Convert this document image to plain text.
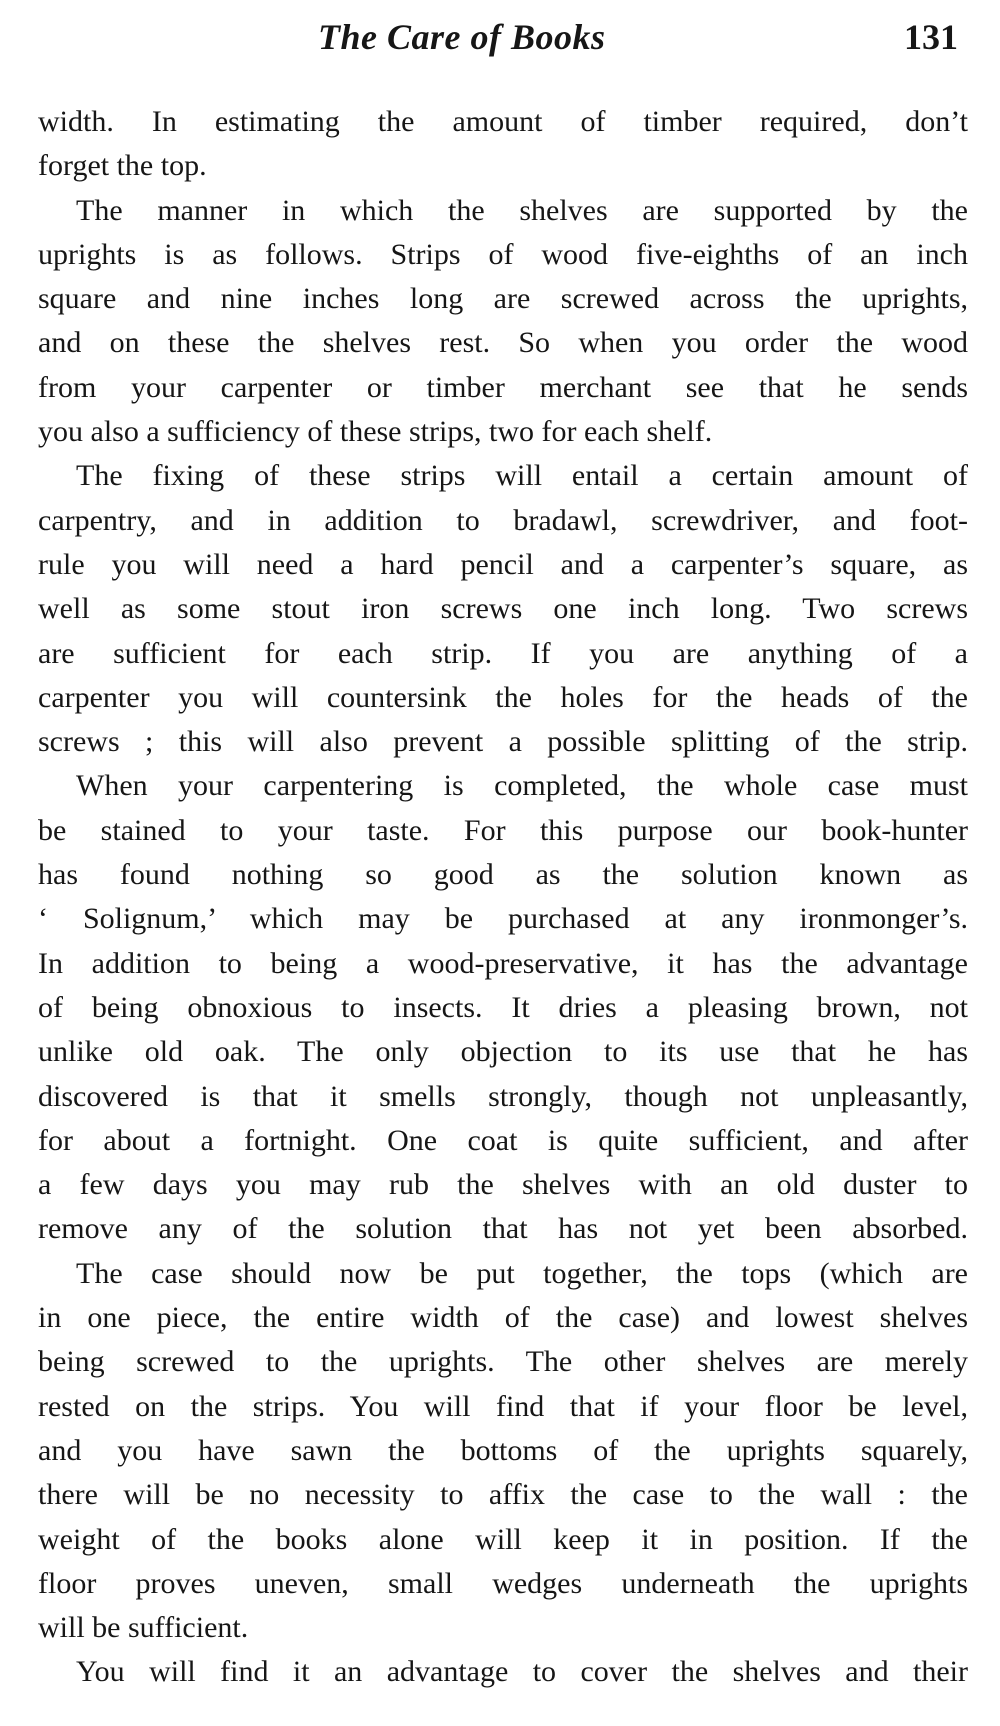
The Care of Books	131
width. In estimating the amount of timber required, don’t
forget the top.
The manner in which the shelves are supported by the
uprights is as follows. Strips of wood five-eighths of an inch
square and nine inches long are screwed across the uprights,
and on these the shelves rest. So when you order the wood
from your carpenter or timber merchant see that he sends
you also a sufficiency of these strips, two for each shelf.
The fixing of these strips will entail a certain amount of
carpentry, and in addition to bradawl, screwdriver, and foot-
rule you will need a hard pencil and a carpenter’s square, as
well as some stout iron screws one inch long. Two screws
are sufficient for each strip. If you are anything of a
carpenter you will countersink the holes for the heads of the
screws ; this will also prevent a possible splitting of the strip.
When your carpentering is completed, the whole case must
be stained to your taste. For this purpose our book-hunter
has found nothing so good as the solution known as
‘ Solignum,’ which may be purchased at any ironmonger’s.
In addition to being a wood-preservative, it has the advantage
of being obnoxious to insects. It dries a pleasing brown, not
unlike old oak. The only objection to its use that he has
discovered is that it smells strongly, though not unpleasantly,
for about a fortnight. One coat is quite sufficient, and after
a few days you may rub the shelves with an old duster to
remove any of the solution that has not yet been absorbed.
The case should now be put together, the tops (which are
in one piece, the entire width of the case) and lowest shelves
being screwed to the uprights. The other shelves are merely
rested on the strips. You will find that if your floor be level,
and you have sawn the bottoms of the uprights squarely,
there will be no necessity to affix the case to the wall : the
weight of the books alone will keep it in position. If the
floor proves uneven, small wedges underneath the uprights
will be sufficient.
You will find it an advantage to cover the shelves and their
